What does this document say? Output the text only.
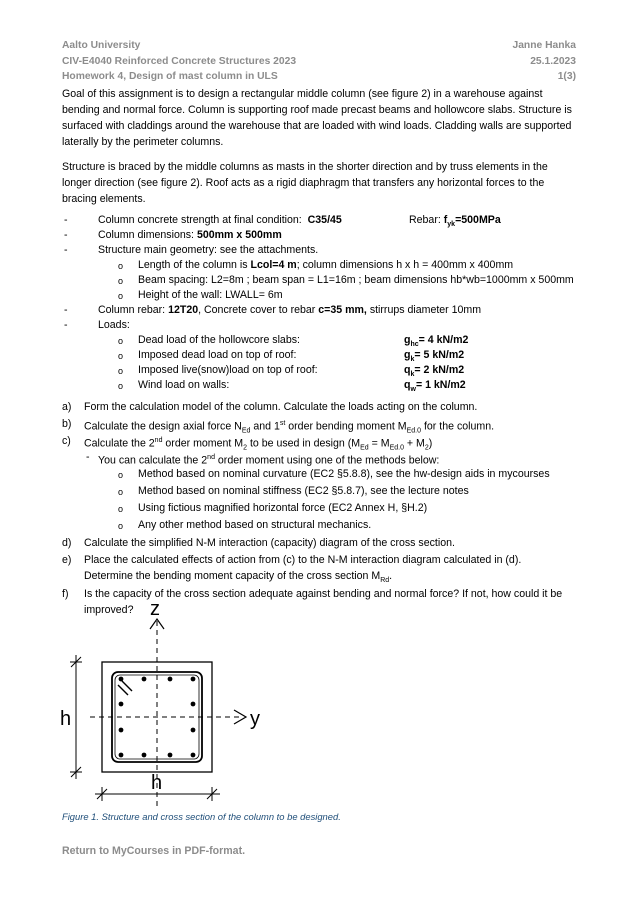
Aalto University
CIV-E4040 Reinforced Concrete Structures 2023
Homework 4, Design of mast column in ULS
Janne Hanka
25.1.2023
1(3)
Goal of this assignment is to design a rectangular middle column (see figure 2) in a warehouse against bending and normal force. Column is supporting roof made precast beams and hollowcore slabs. Structure is surfaced with claddings around the warehouse that are loaded with wind loads. Cladding walls are supported laterally by the perimeter columns.
Structure is braced by the middle columns as masts in the shorter direction and by truss elements in the longer direction (see figure 2). Roof acts as a rigid diaphragm that transfers any horizontal forces to the bracing elements.
-	Column concrete strength at final condition: C35/45	Rebar: $f_{yk}=500MPa$
-	Column dimensions: 500mm x 500mm
-	Structure main geometry: see the attachments.
o Length of the column is Lcol=4 m; column dimensions h x h = 400mm x 400mm
o Beam spacing: L2=8m ; beam span = L1=16m ; beam dimensions hb*wb=1000mm x 500mm
o Height of the wall: LWALL= 6m
-	Column rebar: 12T20, Concrete cover to rebar c=35 mm, stirrups diameter 10mm
-	Loads:
o Dead load of the hollowcore slabs:	$g_{hc}= 4$ kN/m2
o Imposed dead load on top of roof:	$g_k= 5$ kN/m2
o Imposed live(snow)load on top of roof:	$q_k= 2$ kN/m2
o Wind load on walls:	$q_w= 1$ kN/m2
a) Form the calculation model of the column. Calculate the loads acting on the column.
b) Calculate the design axial force $N_{Ed}$ and 1st order bending moment $M_{Ed.0}$ for the column.
c) Calculate the 2nd order moment $M_2$ to be used in design $(M_{Ed} = M_{Ed.0} + M_2)$
- You can calculate the 2nd order moment using one of the methods below:
o Method based on nominal curvature (EC2 §5.8.8), see the hw-design aids in mycourses
o Method based on nominal stiffness (EC2 §5.8.7), see the lecture notes
o Using fictious magnified horizontal force (EC2 Annex H, §H.2)
o Any other method based on structural mechanics.
d) Calculate the simplified N-M interaction (capacity) diagram of the cross section.
e) Place the calculated effects of action from (c) to the N-M interaction diagram calculated in (d).
Determine the bending moment capacity of the cross section $M_{Rd}$.
f) Is the capacity of the cross section adequate against bending and normal force? If not, how could it be improved? z
y
h
h
Figure 1. Structure and cross section of the column to be designed.
Return to MyCourses in PDF-format.
